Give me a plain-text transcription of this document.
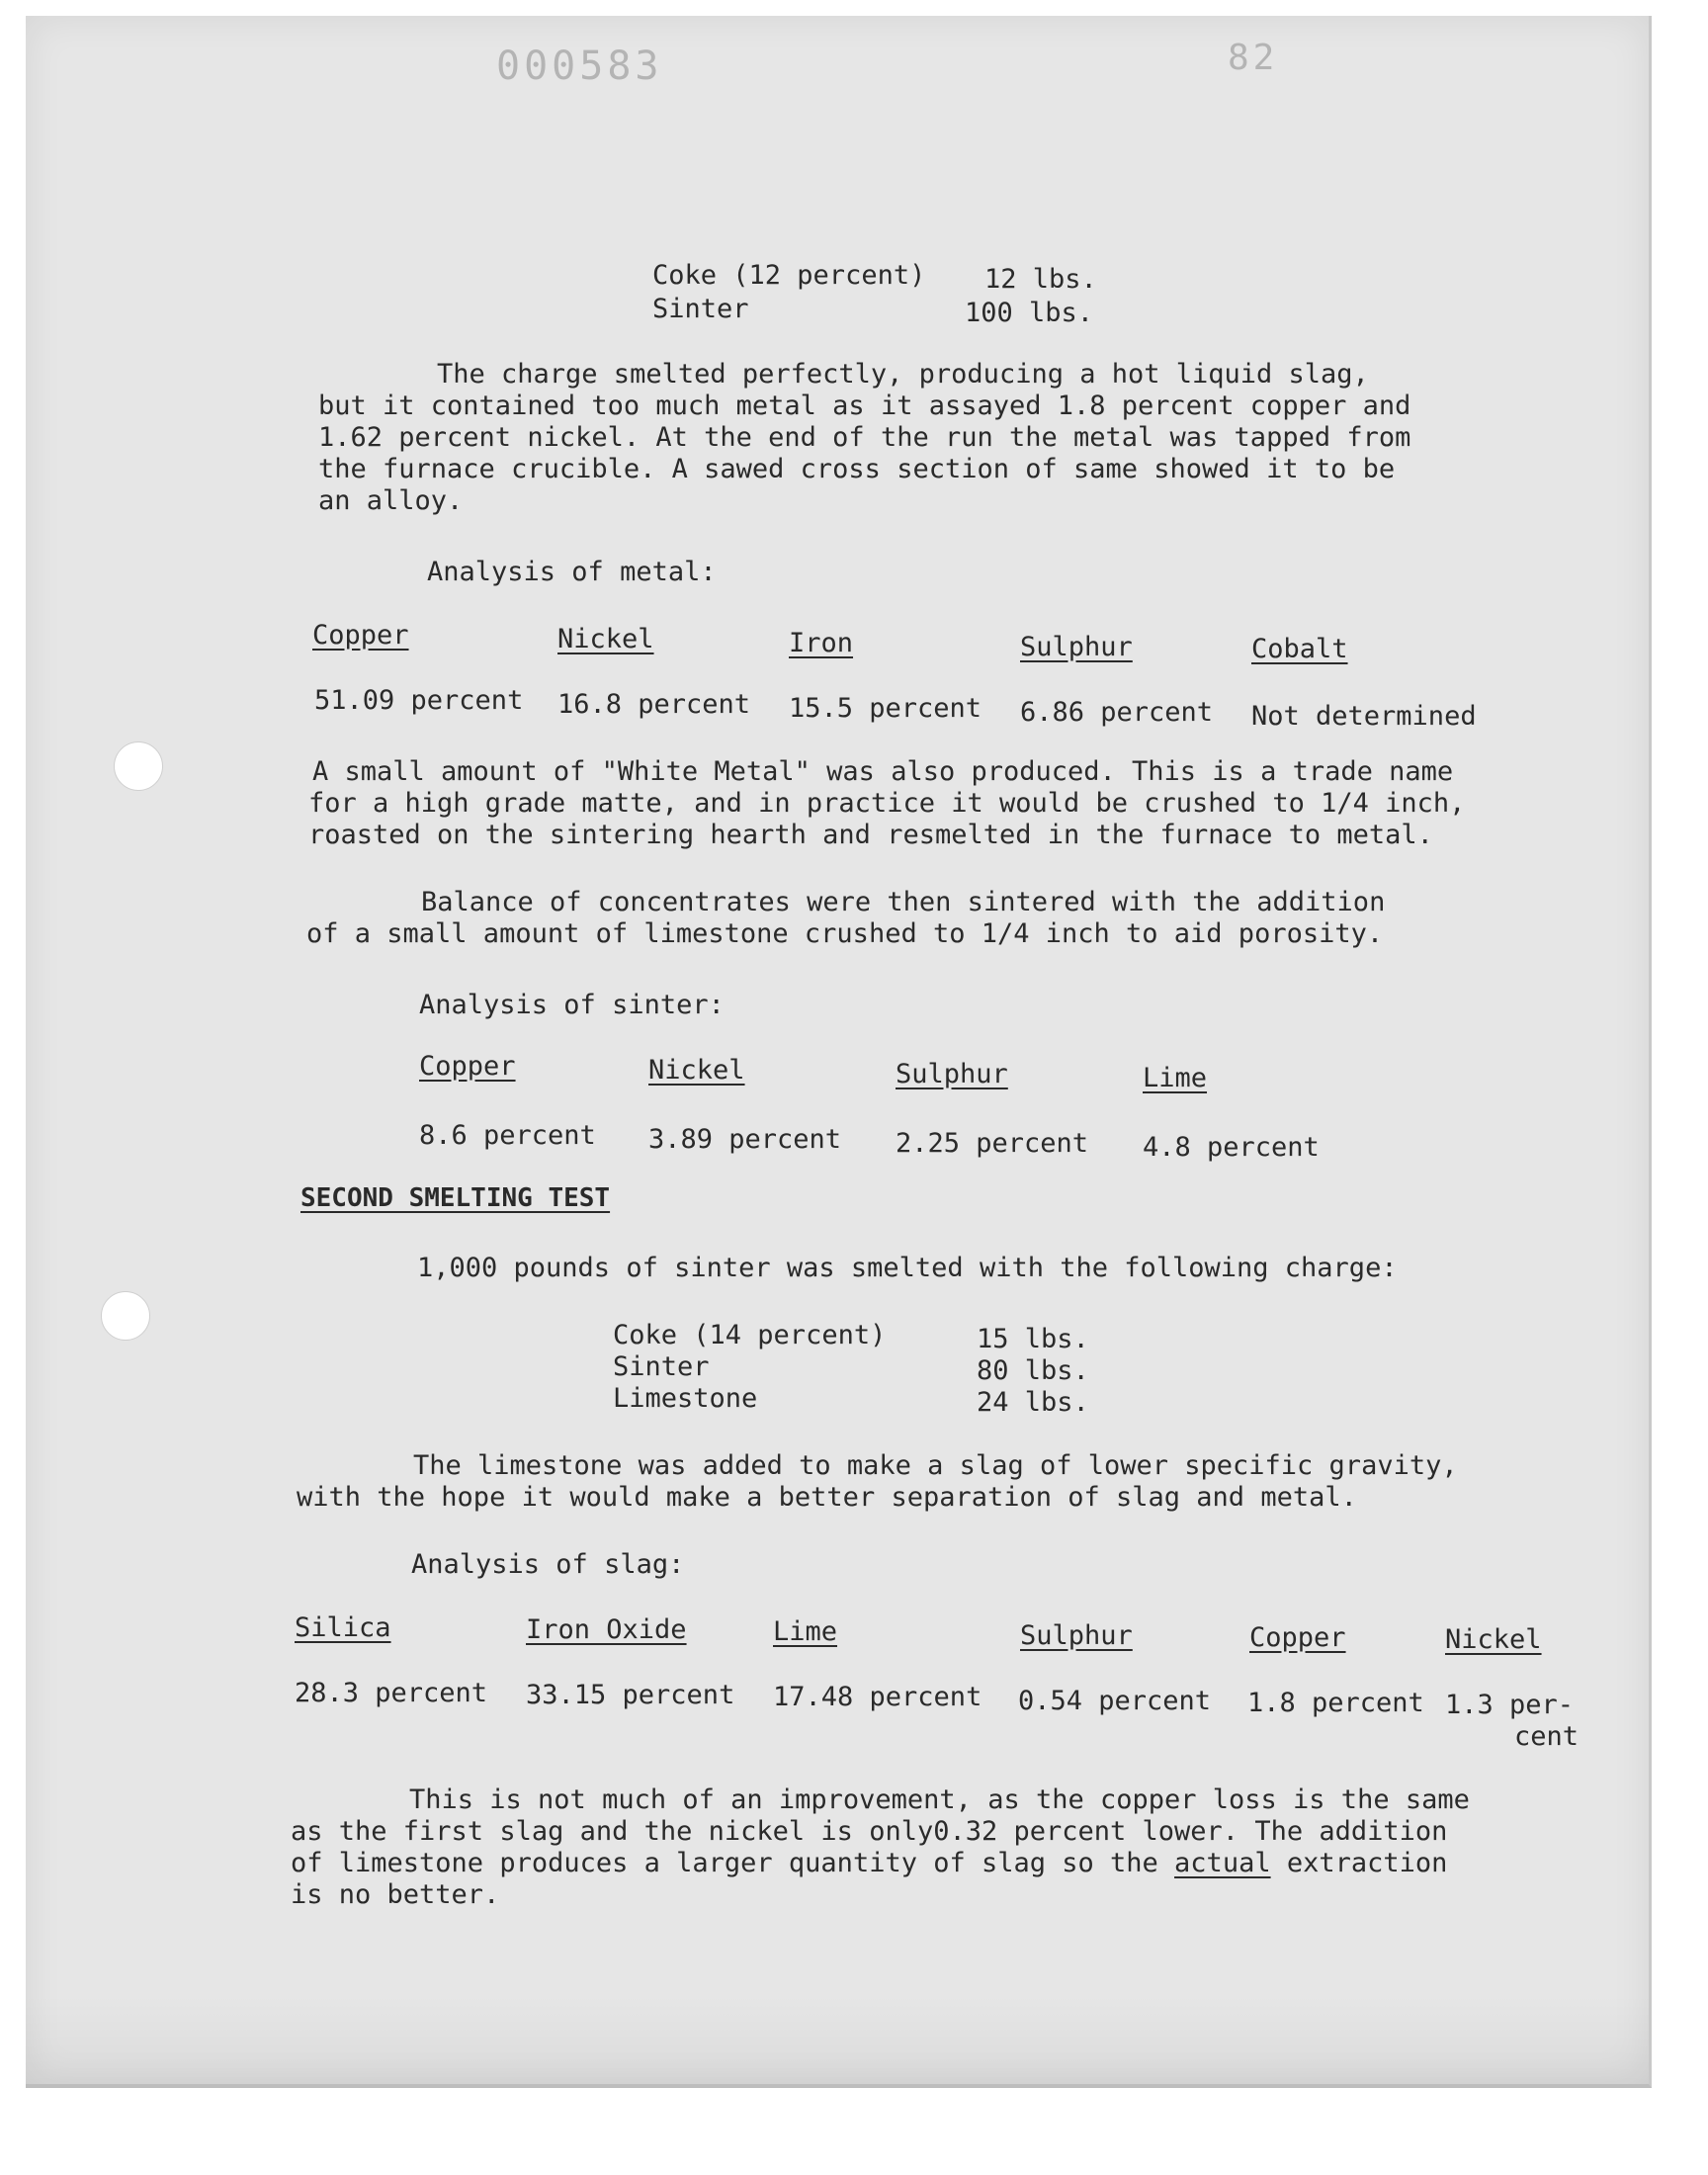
000583	82
Coke (12 percent) 12 lbs.
Sinter	100 lbs.
The charge smelted perfectly, producing a hot liquid slag,
but it contained too much metal as it assayed 1.8 percent copper and
1.62 percent nickel. At the end of the run the metal was tapped from
the furnace crucible. A sawed cross section of same showed it to be
an alloy.
Analysis of metal:
Copper	Nickel	Iron	Sulphur	Cobalt
51.09 percent 16.8 percent 15.5 percent 6.86 percent Not determined
A small amount of "White Metal" was also produced. This is a trade name
for a high grade matte, and in practice it would be crushed to 1/4 inch,
roasted on the sintering hearth and resmelted in the furnace to metal.
Balance of concentrates were then sintered with the addition
of a small amount of limestone crushed to 1/4 inch to aid porosity.
Analysis of sinter:
Copper	Nickel	Sulphur	Lime
8.6 percent 3.89 percent 2.25 percent 4.8 percent
SECOND SMELTING TEST
1,000 pounds of sinter was smelted with the following charge:
Coke (14 percent)	15 lbs.
Sinter	80 lbs.
Limestone	24 lbs.
The limestone was added to make a slag of lower specific gravity,
with the hope it would make a better separation of slag and metal.
Analysis of slag:
Silica	Iron Oxide	Lime	Sulphur	Copper	Nickel
28.3 percent 33.15 percent 17.48 percent 0.54 percent 1.8 percent 1.3 per-
cent
This is not much of an improvement, as the copper loss is the same
as the first slag and the nickel is only0.32 percent lower. The addition
of limestone produces a larger quantity of slag so the actual extraction
is no better.
